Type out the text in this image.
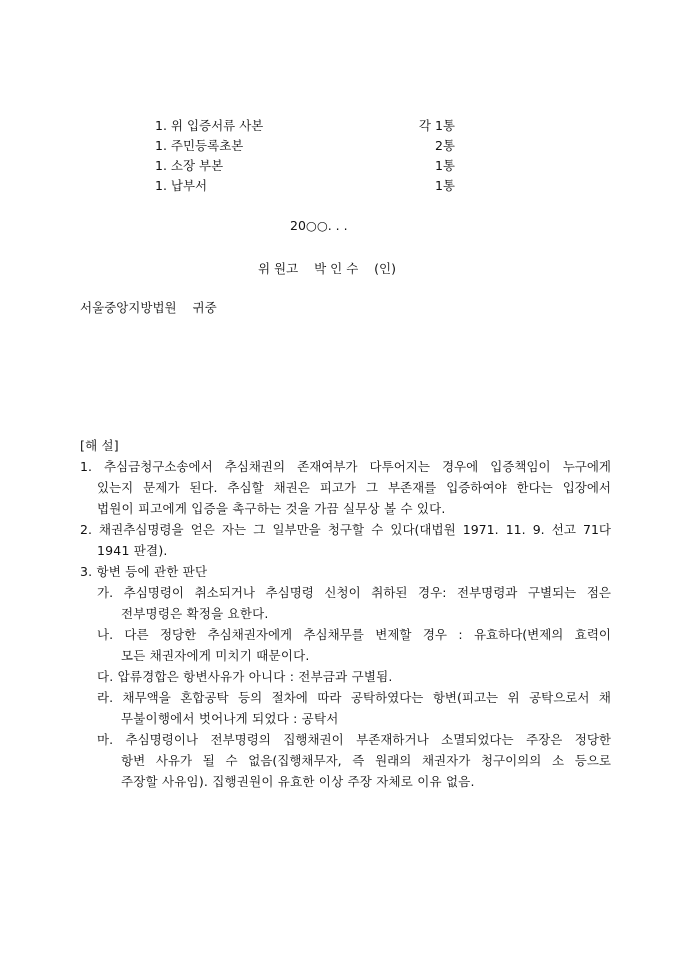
1. 위 입증서류 사본	각 1통
1. 주민등록초본	2통
1. 소장 부본	1통
1. 납부서	1통
20○○. . .
위 원고    박 인 수    (인)
서울중앙지방법원    귀중
[해 설]
1. 추심금청구소송에서 추심채권의 존재여부가 다투어지는 경우에 입증책임이 누구에게
있는지 문제가 된다. 추심할 채권은 피고가 그 부존재를 입증하여야 한다는 입장에서
법원이 피고에게 입증을 촉구하는 것을 가끔 실무상 볼 수 있다.
2. 채권추심명령을 얻은 자는 그 일부만을 청구할 수 있다(대법원 1971. 11. 9. 선고 71다
1941 판결).
3. 항변 등에 관한 판단
가. 추심명령이 취소되거나 추심명령 신청이 취하된 경우: 전부명령과 구별되는 점은
전부명령은 확정을 요한다.
나. 다른 정당한 추심채권자에게 추심채무를 변제할 경우 : 유효하다(변제의 효력이
모든 채권자에게 미치기 때문이다.
다. 압류경합은 항변사유가 아니다 : 전부금과 구별됨.
라. 채무액을 혼합공탁 등의 절차에 따라 공탁하였다는 항변(피고는 위 공탁으로서 채
무불이행에서 벗어나게 되었다 : 공탁서
마. 추심명령이나 전부명령의 집행채권이 부존재하거나 소멸되었다는 주장은 정당한
항변 사유가 될 수 없음(집행채무자, 즉 원래의 채권자가 청구이의의 소 등으로
주장할 사유임). 집행권원이 유효한 이상 주장 자체로 이유 없음.
